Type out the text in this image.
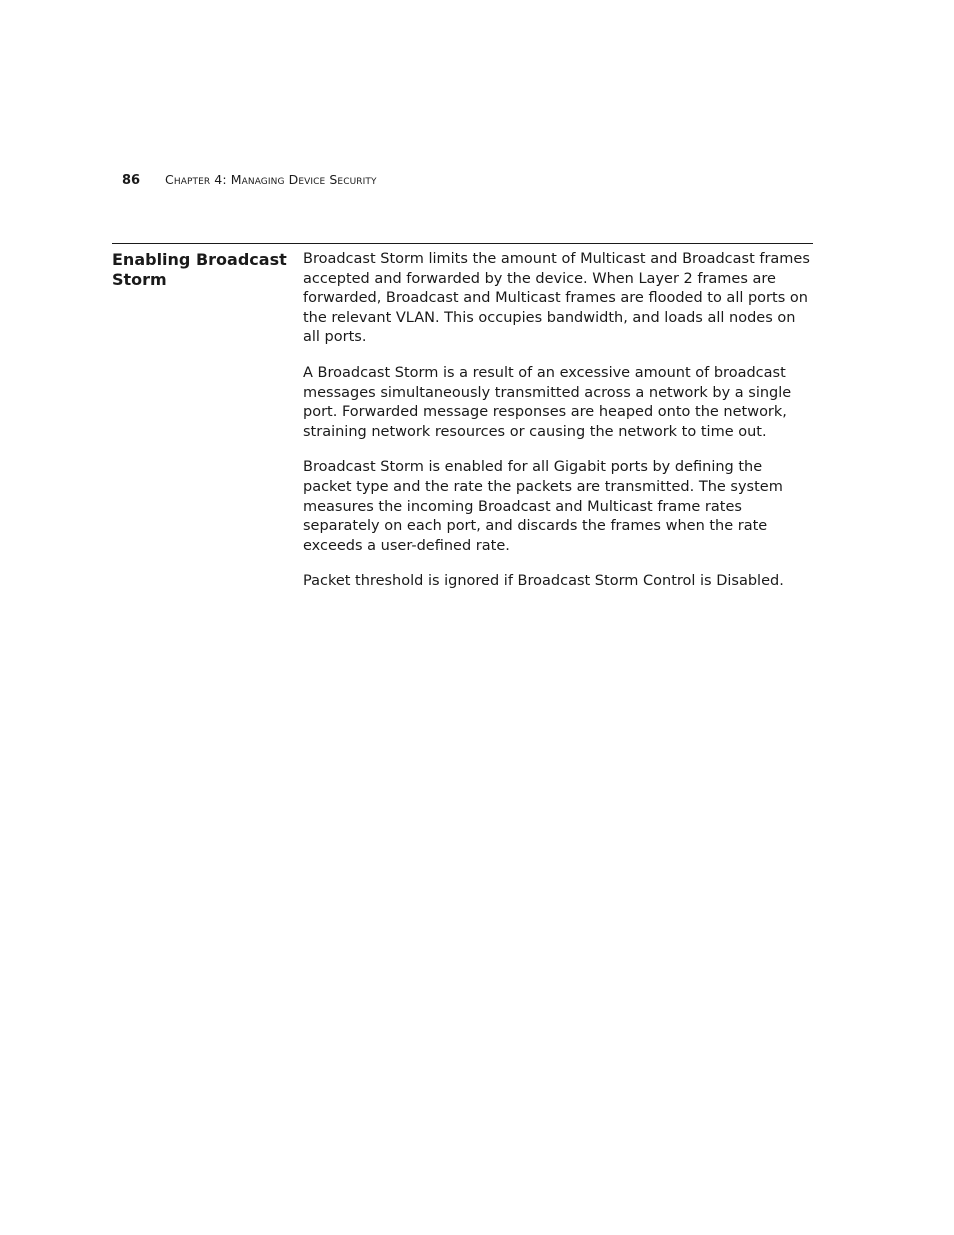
86 Chapter 4: Managing Device Security
Enabling Broadcast Storm

Broadcast Storm limits the amount of Multicast and Broadcast frames accepted and forwarded by the device. When Layer 2 frames are forwarded, Broadcast and Multicast frames are flooded to all ports on the relevant VLAN. This occupies bandwidth, and loads all nodes on all ports.

A Broadcast Storm is a result of an excessive amount of broadcast messages simultaneously transmitted across a network by a single port. Forwarded message responses are heaped onto the network, straining network resources or causing the network to time out.

Broadcast Storm is enabled for all Gigabit ports by defining the packet type and the rate the packets are transmitted. The system measures the incoming Broadcast and Multicast frame rates separately on each port, and discards the frames when the rate exceeds a user-defined rate.

Packet threshold is ignored if Broadcast Storm Control is Disabled.
